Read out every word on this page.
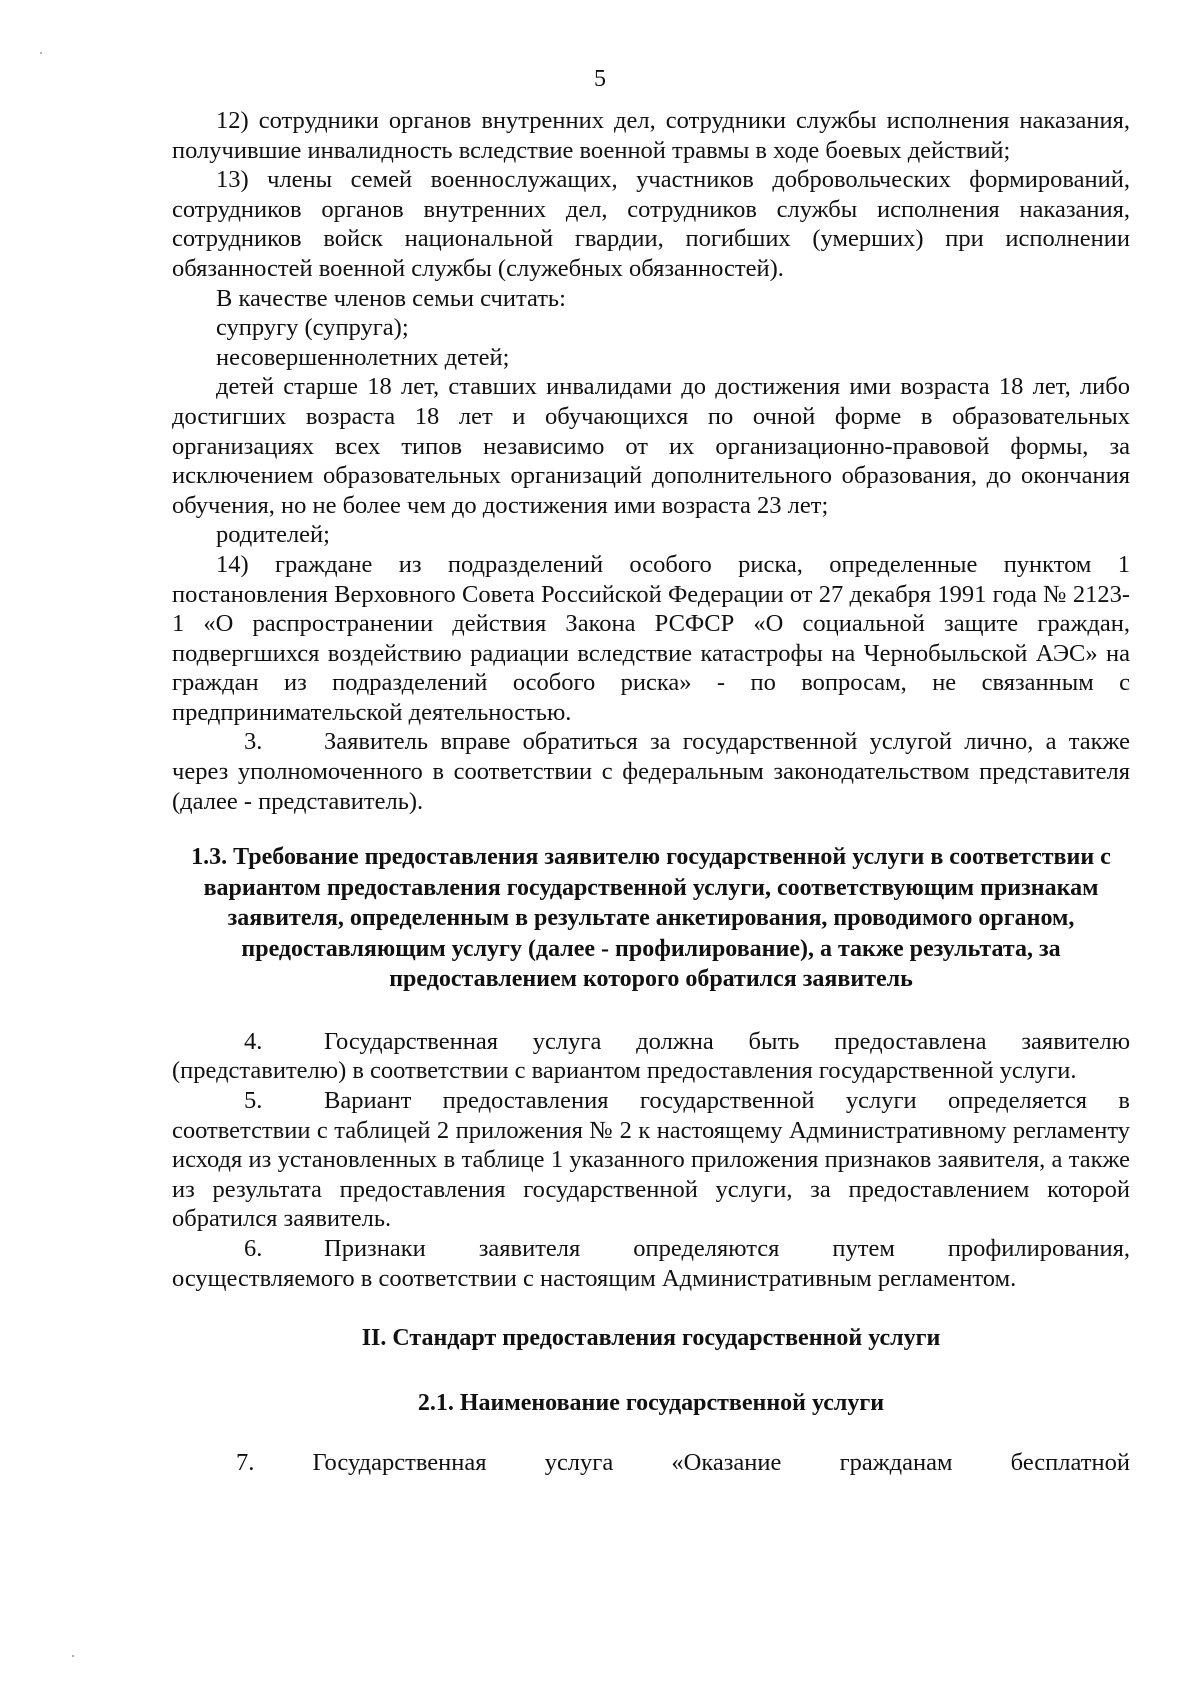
5

12) сотрудники органов внутренних дел, сотрудники службы исполнения наказания, получившие инвалидность вследствие военной травмы в ходе боевых действий;

13) члены семей военнослужащих, участников добровольческих формирований, сотрудников органов внутренних дел, сотрудников службы исполнения наказания, сотрудников войск национальной гвардии, погибших (умерших) при исполнении обязанностей военной службы (служебных обязанностей).

В качестве членов семьи считать:

супругу (супруга);

несовершеннолетних детей;

детей старше 18 лет, ставших инвалидами до достижения ими возраста 18 лет, либо достигших возраста 18 лет и обучающихся по очной форме в образовательных организациях всех типов независимо от их организационно-правовой формы, за исключением образовательных организаций дополнительного образования, до окончания обучения, но не более чем до достижения ими возраста 23 лет;

родителей;

14) граждане из подразделений особого риска, определенные пунктом 1 постановления Верховного Совета Российской Федерации от 27 декабря 1991 года № 2123-1 «О распространении действия Закона РСФСР «О социальной защите граждан, подвергшихся воздействию радиации вследствие катастрофы на Чернобыльской АЭС» на граждан из подразделений особого риска» - по вопросам, не связанным с предпринимательской деятельностью.

3.	Заявитель вправе обратиться за государственной услугой лично, а также через уполномоченного в соответствии с федеральным законодательством представителя (далее - представитель).

1.3. Требование предоставления заявителю государственной услуги в соответствии с вариантом предоставления государственной услуги, соответствующим признакам заявителя, определенным в результате анкетирования, проводимого органом, предоставляющим услугу (далее - профилирование), а также результата, за предоставлением которого обратился заявитель

4.	Государственная услуга должна быть предоставлена заявителю (представителю) в соответствии с вариантом предоставления государственной услуги.

5.	Вариант предоставления государственной услуги определяется в соответствии с таблицей 2 приложения № 2 к настоящему Административному регламенту исходя из установленных в таблице 1 указанного приложения признаков заявителя, а также из результата предоставления государственной услуги, за предоставлением которой обратился заявитель.

6.	Признаки заявителя определяются путем профилирования, осуществляемого в соответствии с настоящим Административным регламентом.

II. Стандарт предоставления государственной услуги

2.1. Наименование государственной услуги

7. Государственная услуга «Оказание гражданам бесплатной
